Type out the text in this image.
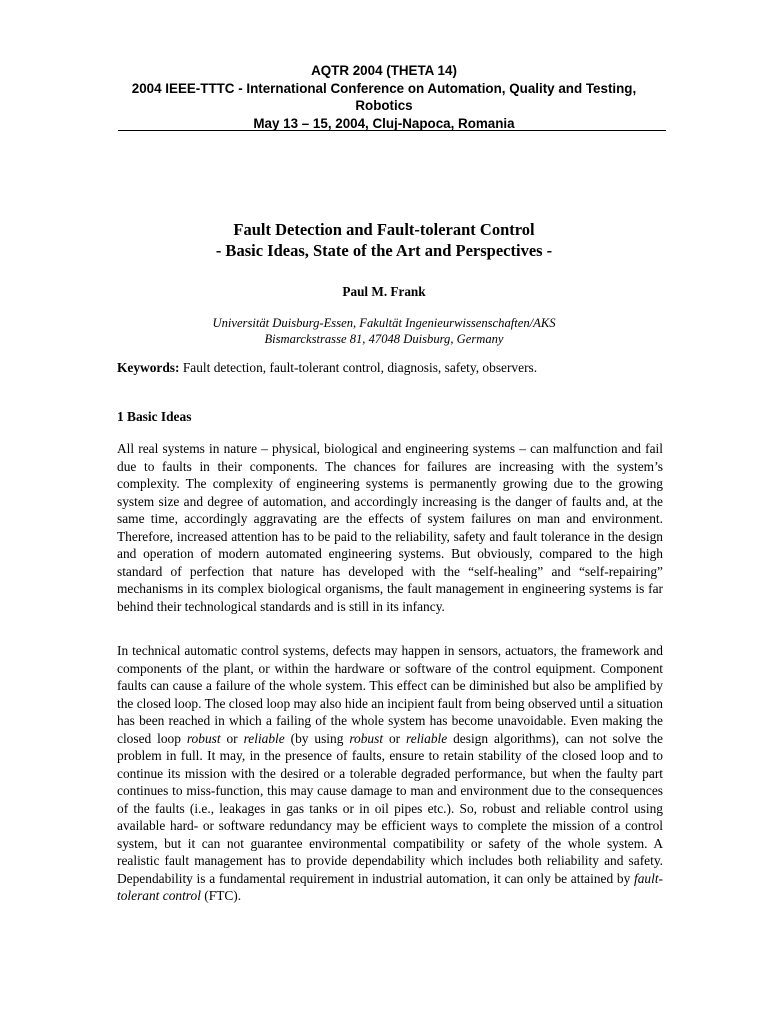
AQTR 2004 (THETA 14)
2004 IEEE-TTTC - International Conference on Automation, Quality and Testing,
Robotics
May 13 – 15, 2004, Cluj-Napoca, Romania
Fault Detection and Fault-tolerant Control
- Basic Ideas, State of the Art and Perspectives -
Paul M. Frank
Universität Duisburg-Essen, Fakultät Ingenieurwissenschaften/AKS
Bismarckstrasse 81, 47048 Duisburg, Germany
Keywords: Fault detection, fault-tolerant control, diagnosis, safety, observers.
1 Basic Ideas
All real systems in nature – physical, biological and engineering systems – can malfunction and fail due to faults in their components. The chances for failures are increasing with the system’s complexity. The complexity of engineering systems is permanently growing due to the growing system size and degree of automation, and accordingly increasing is the danger of faults and, at the same time, accordingly aggravating are the effects of system failures on man and environment. Therefore, increased attention has to be paid to the reliability, safety and fault tolerance in the design and operation of modern automated engineering systems. But obviously, compared to the high standard of perfection that nature has developed with the “self-healing” and “self-repairing” mechanisms in its complex biological organisms, the fault management in engineering systems is far behind their technological standards and is still in its infancy.
In technical automatic control systems, defects may happen in sensors, actuators, the framework and components of the plant, or within the hardware or software of the control equipment. Component faults can cause a failure of the whole system. This effect can be diminished but also be amplified by the closed loop. The closed loop may also hide an incipient fault from being observed until a situation has been reached in which a failing of the whole system has become unavoidable. Even making the closed loop robust or reliable (by using robust or reliable design algorithms), can not solve the problem in full. It may, in the presence of faults, ensure to retain stability of the closed loop and to continue its mission with the desired or a tolerable degraded performance, but when the faulty part continues to miss-function, this may cause damage to man and environment due to the consequences of the faults (i.e., leakages in gas tanks or in oil pipes etc.). So, robust and reliable control using available hard- or software redundancy may be efficient ways to complete the mission of a control system, but it can not guarantee environmental compatibility or safety of the whole system. A realistic fault management has to provide dependability which includes both reliability and safety. Dependability is a fundamental requirement in industrial automation, it can only be attained by fault-tolerant control (FTC).
